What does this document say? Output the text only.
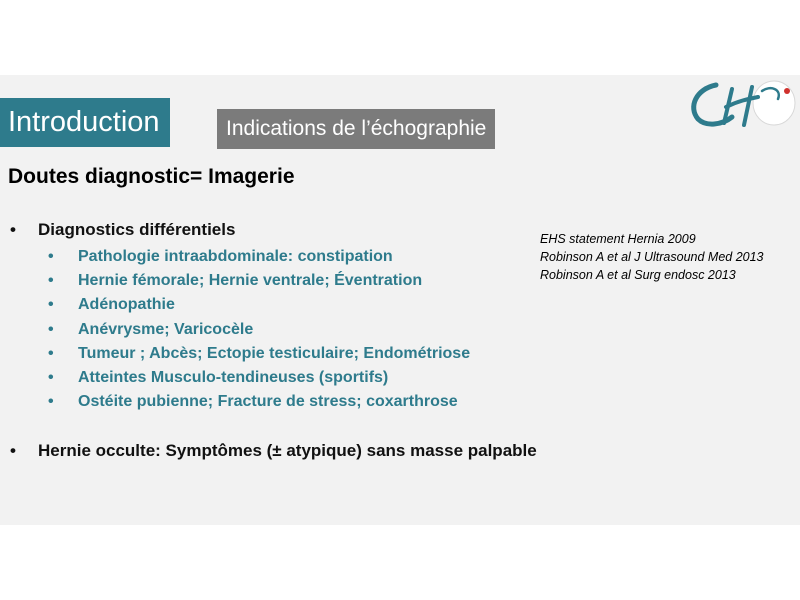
Introduction	Indications de l’échographie
Doutes diagnostic= Imagerie
• Diagnostics différentiels
• Pathologie intraabdominale: constipation
• Hernie fémorale; Hernie ventrale; Éventration
• Adénopathie
• Anévrysme; Varicocèle
• Tumeur ; Abcès; Ectopie testiculaire; Endométriose
• Atteintes Musculo-tendineuses (sportifs)
• Ostéite pubienne; Fracture de stress; coxarthrose
• Hernie occulte: Symptômes (± atypique) sans masse palpable
EHS statement Hernia 2009
Robinson A et al J Ultrasound Med 2013
Robinson A et al Surg endosc 2013
